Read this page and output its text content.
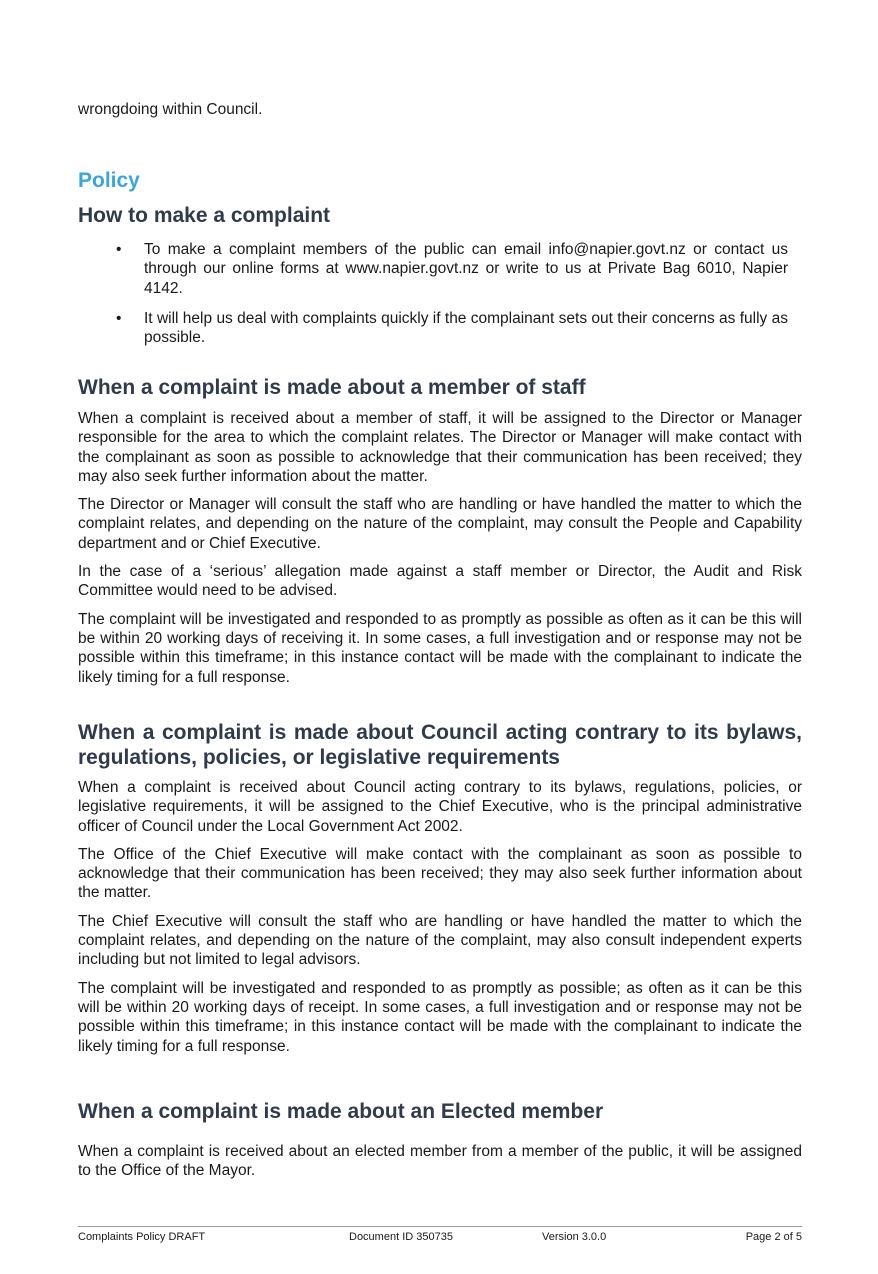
wrongdoing within Council.
Policy
How to make a complaint
• To make a complaint members of the public can email info@napier.govt.nz or contact us through our online forms at www.napier.govt.nz or write to us at Private Bag 6010, Napier 4142.
• It will help us deal with complaints quickly if the complainant sets out their concerns as fully as possible.
When a complaint is made about a member of staff

When a complaint is received about a member of staff, it will be assigned to the Director or Manager responsible for the area to which the complaint relates. The Director or Manager will make contact with the complainant as soon as possible to acknowledge that their communication has been received; they may also seek further information about the matter.

The Director or Manager will consult the staff who are handling or have handled the matter to which the complaint relates, and depending on the nature of the complaint, may consult the People and Capability department and or Chief Executive.

In the case of a ‘serious’ allegation made against a staff member or Director, the Audit and Risk Committee would need to be advised.

The complaint will be investigated and responded to as promptly as possible as often as it can be this will be within 20 working days of receiving it. In some cases, a full investigation and or response may not be possible within this timeframe; in this instance contact will be made with the complainant to indicate the likely timing for a full response.

When a complaint is made about Council acting contrary to its bylaws, regulations, policies, or legislative requirements

When a complaint is received about Council acting contrary to its bylaws, regulations, policies, or legislative requirements, it will be assigned to the Chief Executive, who is the principal administrative officer of Council under the Local Government Act 2002.

The Office of the Chief Executive will make contact with the complainant as soon as possible to acknowledge that their communication has been received; they may also seek further information about the matter.

The Chief Executive will consult the staff who are handling or have handled the matter to which the complaint relates, and depending on the nature of the complaint, may also consult independent experts including but not limited to legal advisors.

The complaint will be investigated and responded to as promptly as possible; as often as it can be this will be within 20 working days of receipt. In some cases, a full investigation and or response may not be possible within this timeframe; in this instance contact will be made with the complainant to indicate the likely timing for a full response.

When a complaint is made about an Elected member

When a complaint is received about an elected member from a member of the public, it will be assigned to the Office of the Mayor.

Complaints Policy DRAFT	Document ID 350735	Version 3.0.0	Page 2 of 5
